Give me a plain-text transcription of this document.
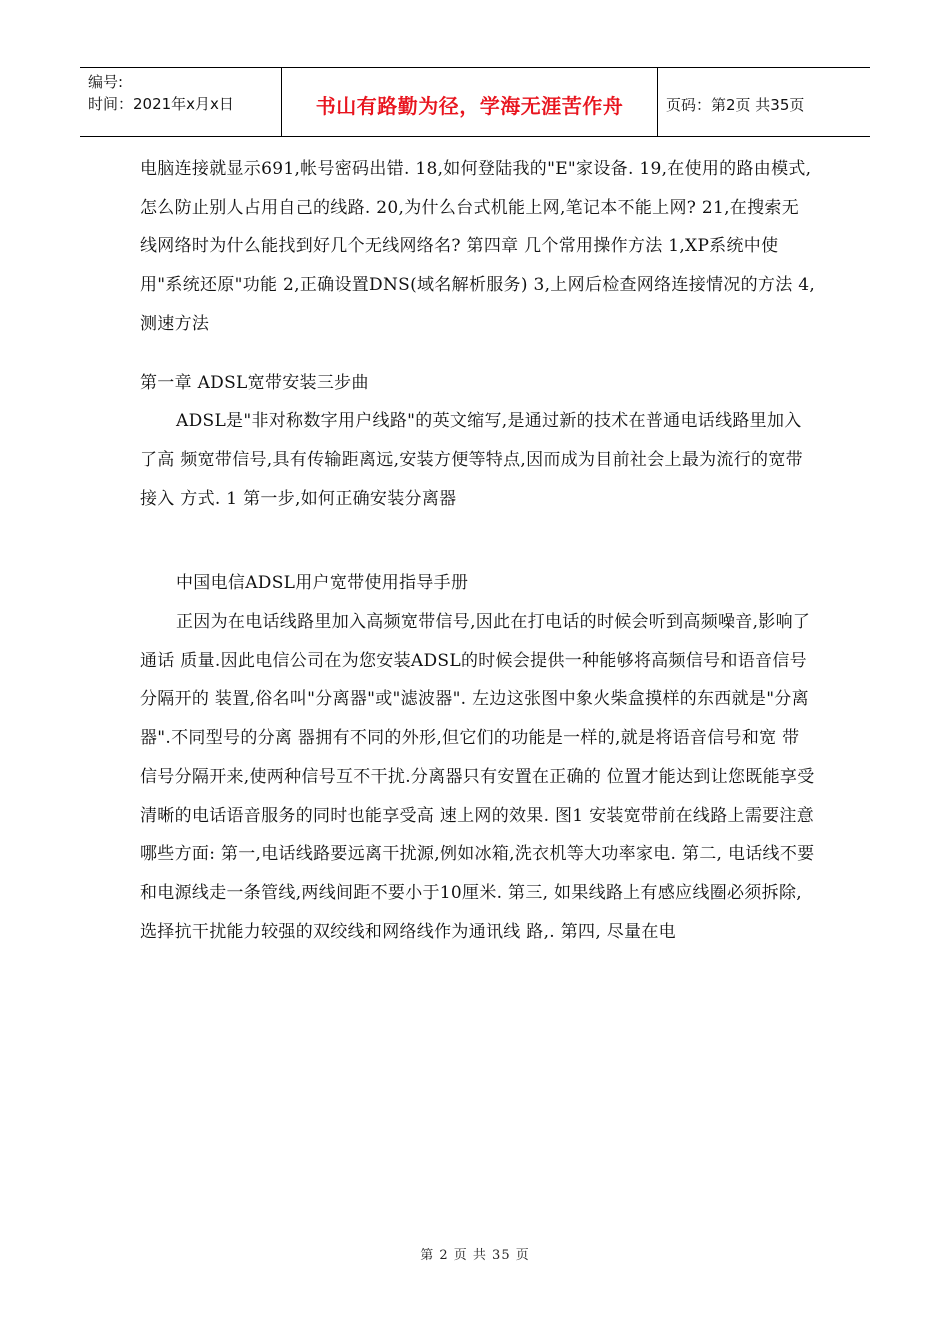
编号:
时间：2021年x月x日	书山有路勤为径，学海无涯苦作舟	页码：第2页 共35页

电脑连接就显示691,帐号密码出错. 18,如何登陆我的"E"家设备. 19,在使用的路由模式,怎么防止别人占用自己的线路. 20,为什么台式机能上网,笔记本不能上网? 21,在搜索无线网络时为什么能找到好几个无线网络名? 第四章 几个常用操作方法 1,XP系统中使用"系统还原"功能 2,正确设置DNS(域名解析服务) 3,上网后检查网络连接情况的方法 4, 测速方法

第一章 ADSL宽带安装三步曲

ADSL是"非对称数字用户线路"的英文缩写,是通过新的技术在普通电话线路里加入了高 频宽带信号,具有传输距离远,安装方便等特点,因而成为目前社会上最为流行的宽带接入 方式. 1 第一步,如何正确安装分离器

中国电信ADSL用户宽带使用指导手册

正因为在电话线路里加入高频宽带信号,因此在打电话的时候会听到高频噪音,影响了通话 质量.因此电信公司在为您安装ADSL的时候会提供一种能够将高频信号和语音信号分隔开的 装置,俗名叫"分离器"或"滤波器". 左边这张图中象火柴盒摸样的东西就是"分离器".不同型号的分离 器拥有不同的外形,但它们的功能是一样的,就是将语音信号和宽 带信号分隔开来,使两种信号互不干扰.分离器只有安置在正确的 位置才能达到让您既能享受清晰的电话语音服务的同时也能享受高 速上网的效果. 图1 安装宽带前在线路上需要注意哪些方面: 第一,电话线路要远离干扰源,例如冰箱,洗衣机等大功率家电. 第二, 电话线不要和电源线走一条管线,两线间距不要小于10厘米. 第三, 如果线路上有感应线圈必须拆除,选择抗干扰能力较强的双绞线和网络线作为通讯线 路,. 第四, 尽量在电

第 2 页 共 35 页
